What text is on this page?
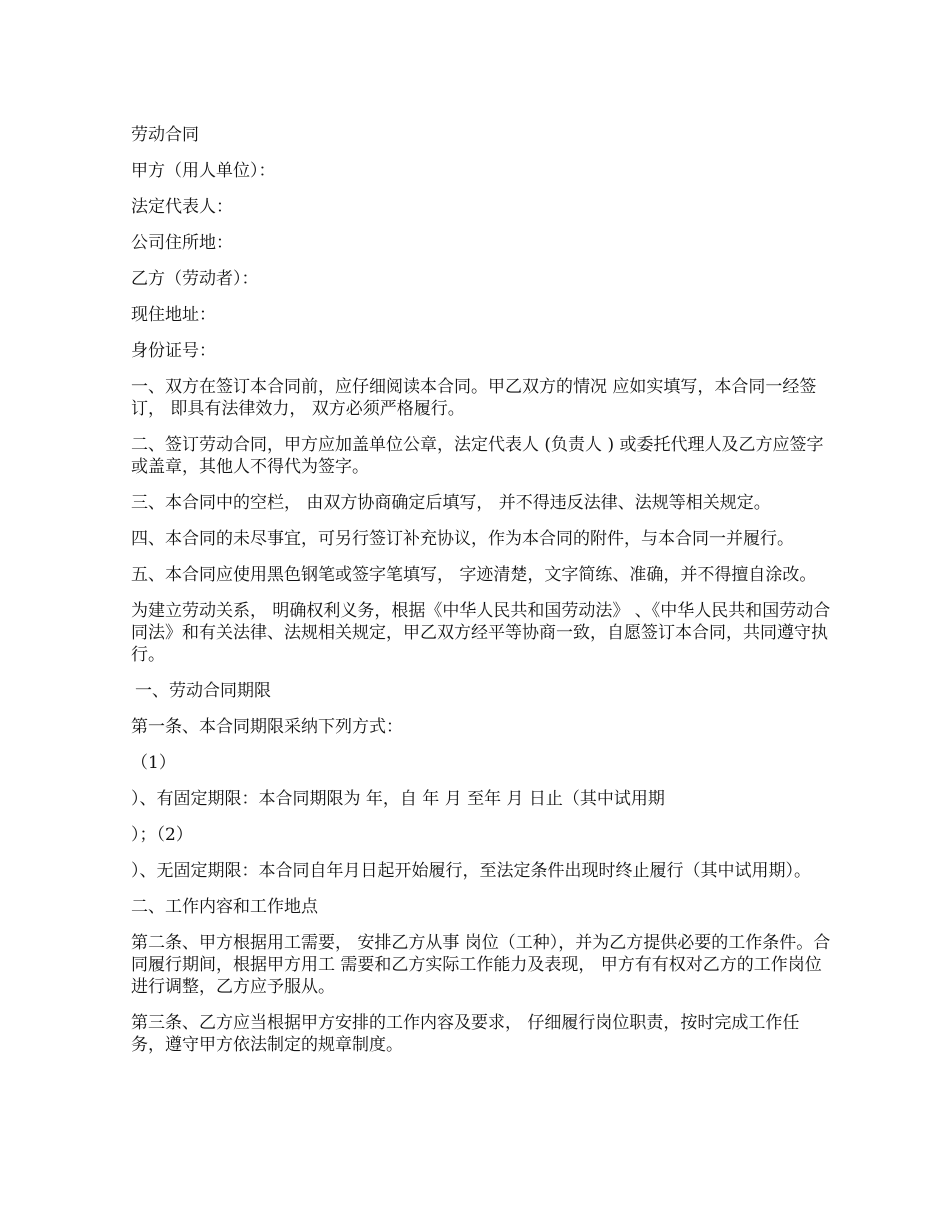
劳动合同

甲方（用人单位）：

法定代表人：

公司住所地：

乙方（劳动者）：

现住地址：

身份证号：

一、双方在签订本合同前，应仔细阅读本合同。甲乙双方的情况 应如实填写，本合同一经签订， 即具有法律效力， 双方必须严格履行。

二、签订劳动合同，甲方应加盖单位公章，法定代表人 (负责人 ) 或委托代理人及乙方应签字或盖章，其他人不得代为签字。

三、本合同中的空栏， 由双方协商确定后填写， 并不得违反法律、法规等相关规定。

四、本合同的未尽事宜，可另行签订补充协议，作为本合同的附件，与本合同一并履行。

五、本合同应使用黑色钢笔或签字笔填写， 字迹清楚，文字简练、准确，并不得擅自涂改。

为建立劳动关系， 明确权利义务，根据《中华人民共和国劳动法》 、《中华人民共和国劳动合同法》和有关法律、法规相关规定，甲乙双方经平等协商一致，自愿签订本合同，共同遵守执行。

一、劳动合同期限

第一条、本合同期限采纳下列方式：

（1）

）、有固定期限：本合同期限为 年，自 年 月 至年 月 日止（其中试用期

）；（2）

）、无固定期限：本合同自年月日起开始履行，至法定条件出现时终止履行（其中试用期）。

二、工作内容和工作地点

第二条、甲方根据用工需要， 安排乙方从事 岗位（工种），并为乙方提供必要的工作条件。合同履行期间，根据甲方用工 需要和乙方实际工作能力及表现， 甲方有有权对乙方的工作岗位进行调整，乙方应予服从。

第三条、乙方应当根据甲方安排的工作内容及要求， 仔细履行岗位职责，按时完成工作任务，遵守甲方依法制定的规章制度。
